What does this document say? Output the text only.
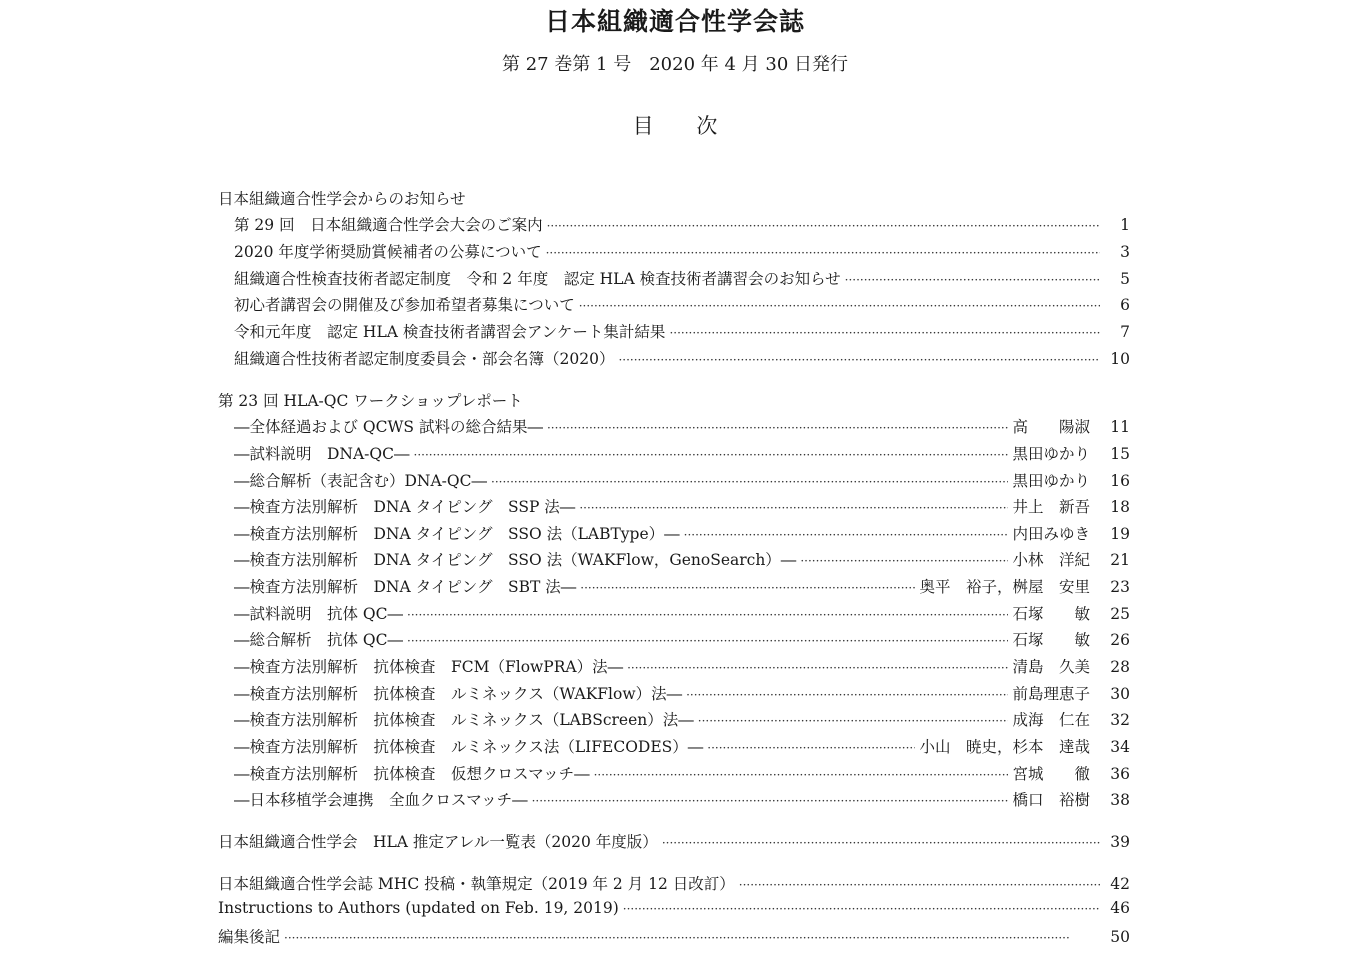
日本組織適合性学会誌
第 27 巻第 1 号　2020 年 4 月 30 日発行
目 次
日本組織適合性学会からのお知らせ
第 29 回　日本組織適合性学会大会のご案内 ·····	1
2020 年度学術奨励賞候補者の公募について ·····	3
組織適合性検査技術者認定制度　令和 2 年度　認定 HLA 検査技術者講習会のお知らせ ·····	5
初心者講習会の開催及び参加希望者募集について ·····	6
令和元年度　認定 HLA 検査技術者講習会アンケート集計結果 ·····	7
組織適合性技術者認定制度委員会・部会名簿（2020） ·····	10
第 23 回 HLA-QC ワークショップレポート
―全体経過および QCWS 試料の総合結果― ·····	高　　陽淑	11
―試料説明　DNA-QC― ·····	黒田ゆかり	15
―総合解析（表記含む）DNA-QC― ·····	黒田ゆかり	16
―検査方法別解析　DNA タイピング　SSP 法― ·····	井上　新吾	18
―検査方法別解析　DNA タイピング　SSO 法（LABType）― ·····	内田みゆき	19
―検査方法別解析　DNA タイピング　SSO 法（WAKFlow，GenoSearch）― ·····	小林　洋紀	21
―検査方法別解析　DNA タイピング　SBT 法― ·····	奥平　裕子，桝屋　安里	23
―試料説明　抗体 QC― ·····	石塚　　敏	25
―総合解析　抗体 QC― ·····	石塚　　敏	26
―検査方法別解析　抗体検査　FCM（FlowPRA）法― ·····	清島　久美	28
―検査方法別解析　抗体検査　ルミネックス（WAKFlow）法― ·····	前島理恵子	30
―検査方法別解析　抗体検査　ルミネックス（LABScreen）法― ·····	成海　仁在	32
―検査方法別解析　抗体検査　ルミネックス法（LIFECODES）― ·····	小山　暁史，杉本　達哉	34
―検査方法別解析　抗体検査　仮想クロスマッチ― ·····	宮城　　徹	36
―日本移植学会連携　全血クロスマッチ― ·····	橋口　裕樹	38
日本組織適合性学会　HLA 推定アレル一覧表（2020 年度版） ·····	39
日本組織適合性学会誌 MHC 投稿・執筆規定（2019 年 2 月 12 日改訂） ·····	42
Instructions to Authors (updated on Feb. 19, 2019) ·····	46
編集後記 ·····	50
